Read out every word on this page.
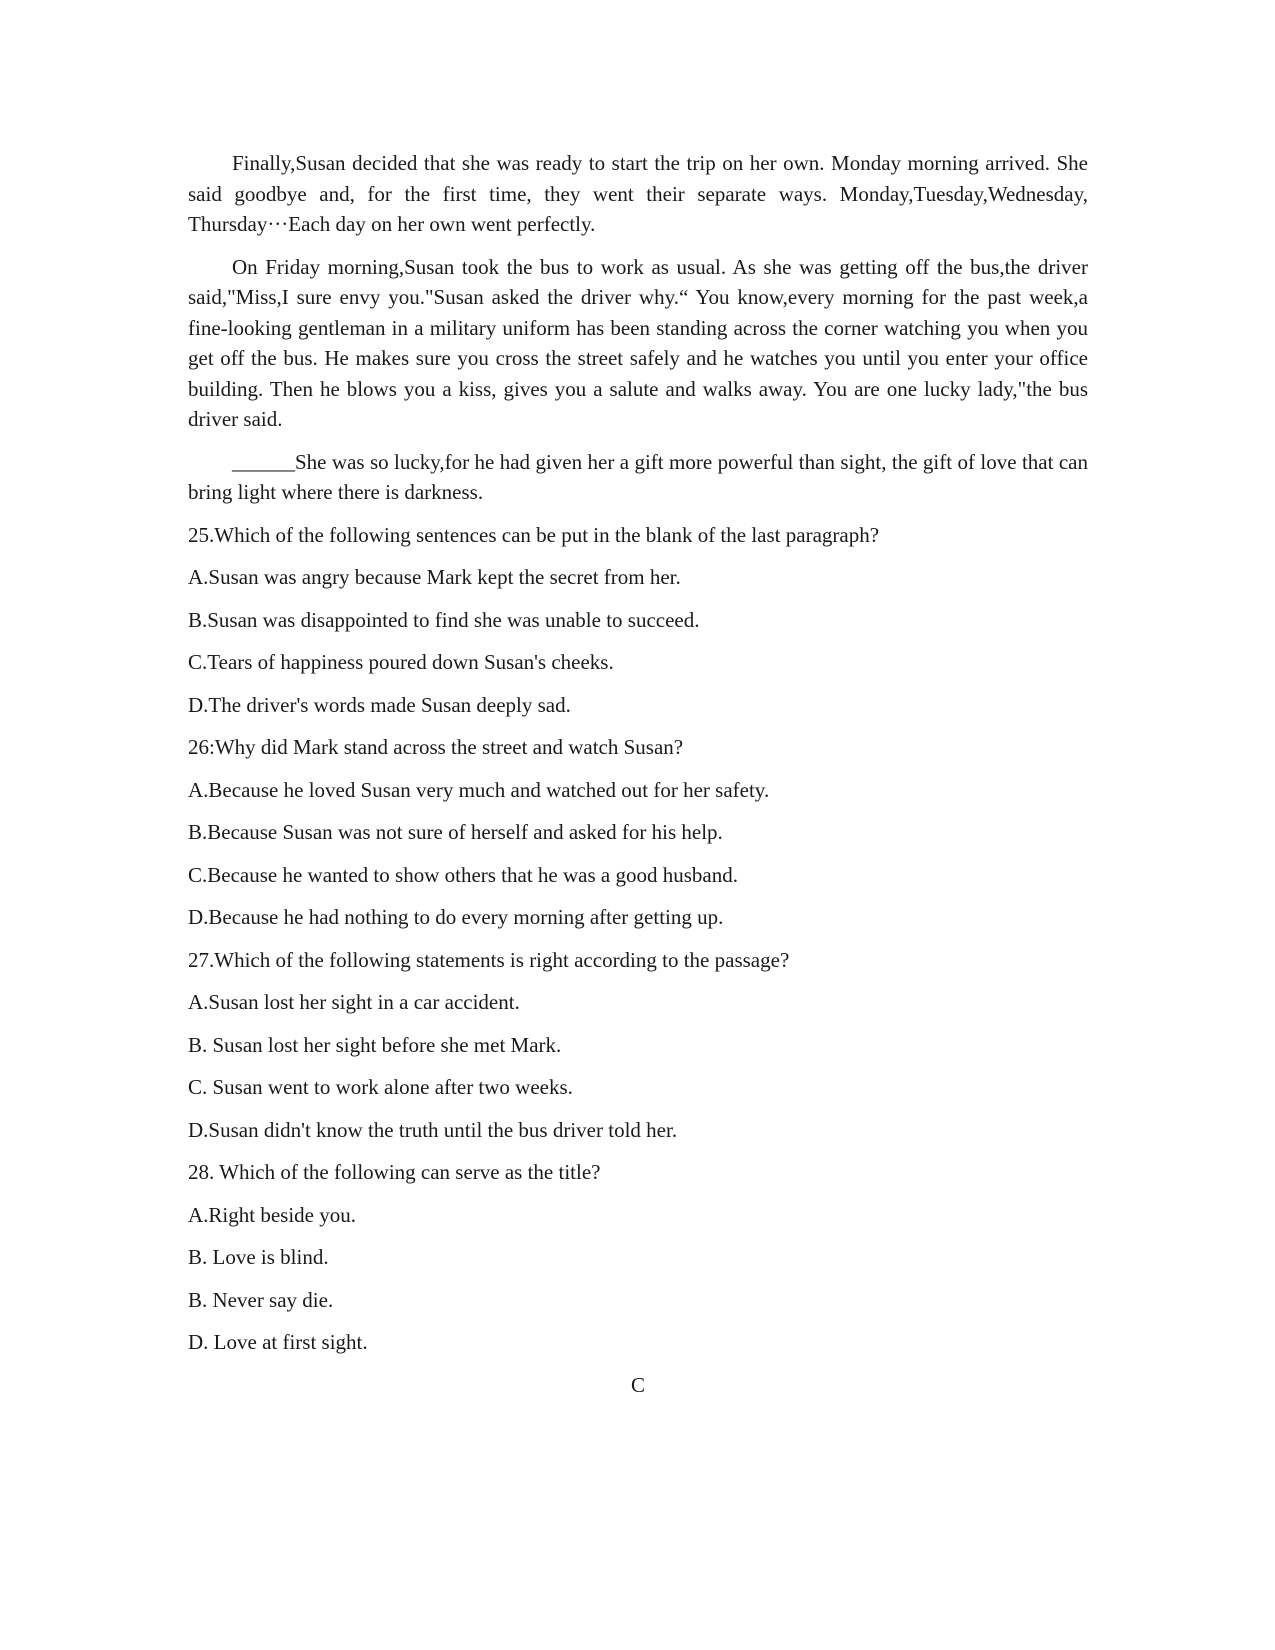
Finally,Susan decided that she was ready to start the trip on her own. Monday morning arrived. She said goodbye and, for the first time, they went their separate ways. Monday,Tuesday,Wednesday, Thursday···Each day on her own went perfectly.

On Friday morning,Susan took the bus to work as usual. As she was getting off the bus,the driver said,"Miss,I sure envy you."Susan asked the driver why.“ You know,every morning for the past week,a fine-looking gentleman in a military uniform has been standing across the corner watching you when you get off the bus. He makes sure you cross the street safely and he watches you until you enter your office building. Then he blows you a kiss, gives you a salute and walks away. You are one lucky lady,"the bus driver said.

______She was so lucky,for he had given her a gift more powerful than sight, the gift of love that can bring light where there is darkness.

25.Which of the following sentences can be put in the blank of the last paragraph?

A.Susan was angry because Mark kept the secret from her.

B.Susan was disappointed to find she was unable to succeed.

C.Tears of happiness poured down Susan's cheeks.

D.The driver's words made Susan deeply sad.

26:Why did Mark stand across the street and watch Susan?

A.Because he loved Susan very much and watched out for her safety.

B.Because Susan was not sure of herself and asked for his help.

C.Because he wanted to show others that he was a good husband.

D.Because he had nothing to do every morning after getting up.

27.Which of the following statements is right according to the passage?

A.Susan lost her sight in a car accident.

B. Susan lost her sight before she met Mark.

C. Susan went to work alone after two weeks.

D.Susan didn't know the truth until the bus driver told her.

28. Which of the following can serve as the title?

A.Right beside you.

B. Love is blind.

B. Never say die.

D. Love at first sight.

C
